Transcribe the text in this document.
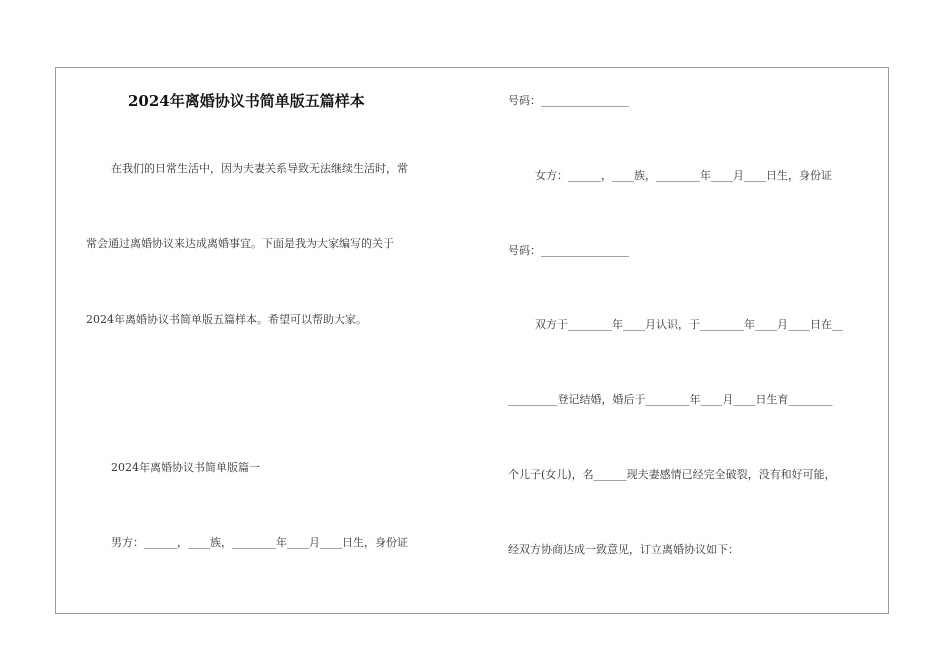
2024年离婚协议书简单版五篇样本
在我们的日常生活中，因为夫妻关系导致无法继续生活时，常
常会通过离婚协议来达成离婚事宜。下面是我为大家编写的关于
2024年离婚协议书简单版五篇样本。希望可以帮助大家。
2024年离婚协议书简单版篇一
男方：______，____族，________年____月____日生，身份证
号码：________________
女方：______，____族，________年____月____日生，身份证
号码：________________
双方于________年____月认识，于________年____月____日在__
_________登记结婚，婚后于________年____月____日生育________
个儿子(女儿)，名______现夫妻感情已经完全破裂，没有和好可能，
经双方协商达成一致意见，订立离婚协议如下：
